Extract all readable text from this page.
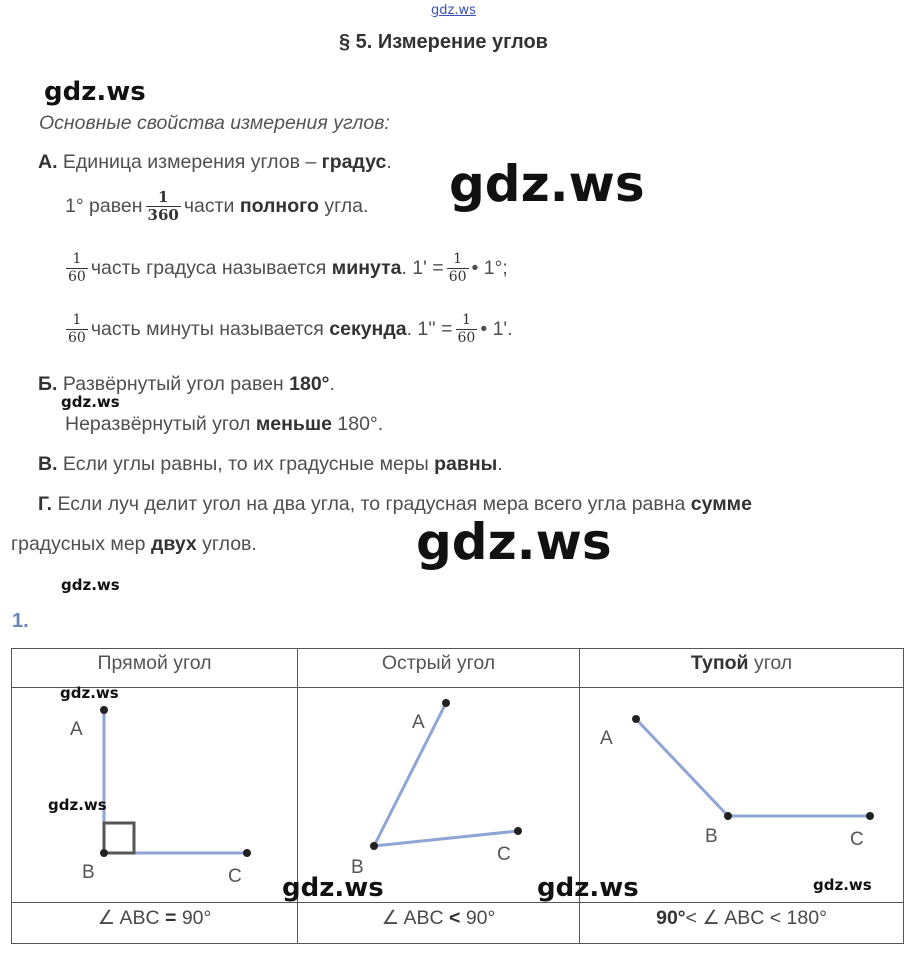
gdz.ws
§ 5. Измерение углов
gdz.ws
Основные свойства измерения углов:
А. Единица измерения углов – градус. gdz.ws
1° равен $\frac{1}{360}$ части
полного
угла.
$\frac{1}{60}$ часть градуса называется
минута . $1' = \frac{1}{60}$ • 1°;
$\frac{1}{60}$ часть минуты называется
секунда . $1'' = \frac{1}{60}$ • 1'.
Б. Развёрнутый угол равен 180°.
gdz.ws
Неразвёрнутый угол меньше 180°.
В. Если углы равны, то их градусные меры равны.
Г. Если луч делит угол на два угла, то градусная мера всего угла равна сумме
градусных мер двух углов.	gdz.ws
gdz.ws
1.
Прямой угол	Острый угол	Тупой угол
∠ ABC = 90°	∠ ABC < 90°	90°< ∠ ABC < 180°
A
B	C
A
B
C
A
B	C
gdz.ws
gdz.ws
gdz.ws	gdz.ws	gdz.ws
